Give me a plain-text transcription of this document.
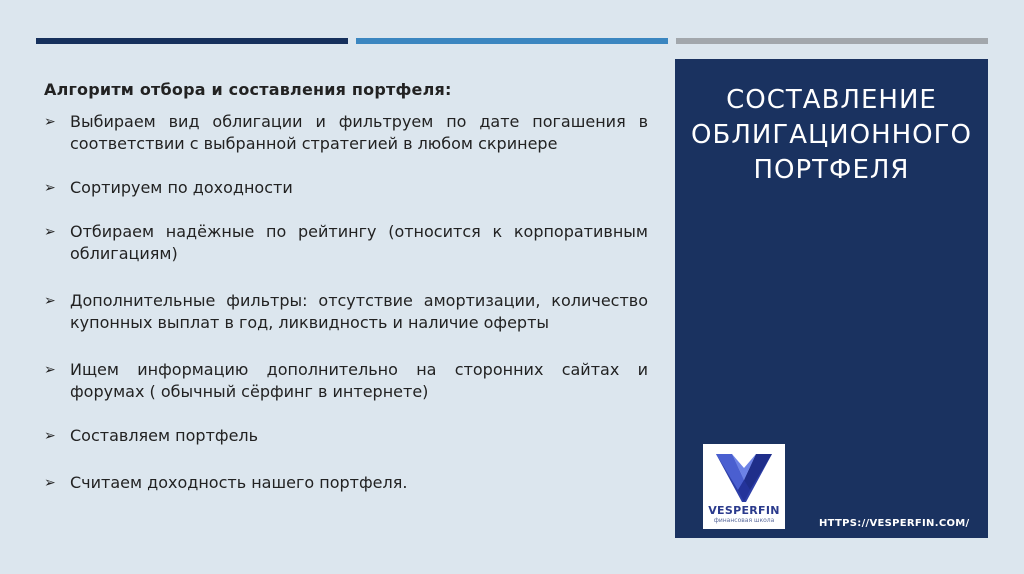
Алгоритм отбора и составления портфеля:
➢ Выбираем вид облигации и фильтруем по дате погашения в соответствии с выбранной стратегией в любом скринере
➢ Сортируем по доходности
➢ Отбираем надёжные по рейтингу (относится к корпоративным облигациям)
➢ Дополнительные фильтры: отсутствие амортизации, количество купонных выплат в год, ликвидность и наличие оферты
➢ Ищем информацию дополнительно на сторонних сайтах и форумах ( обычный сёрфинг в интернете)
➢ Составляем портфель
➢ Считаем доходность нашего портфеля.
СОСТАВЛЕНИЕ
ОБЛИГАЦИОННОГО
ПОРТФЕЛЯ
VESPERFIN
финансовая школа	HTTPS://VESPERFIN.COM/
